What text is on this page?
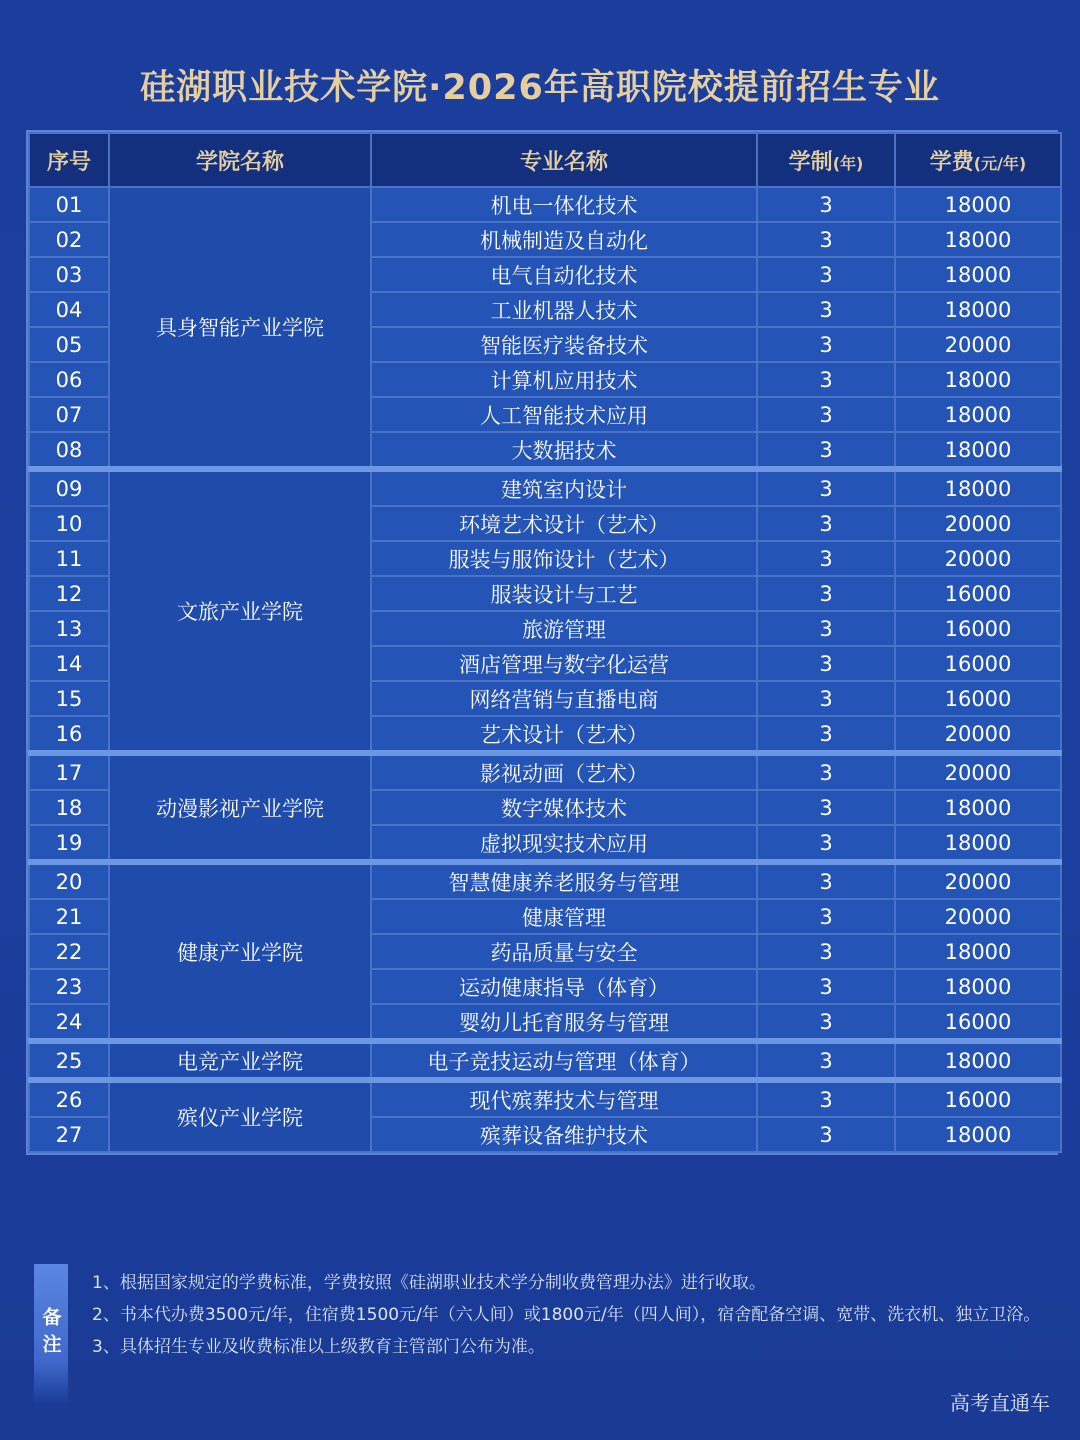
硅湖职业技术学院·2026年高职院校提前招生专业
序号	学院名称	专业名称	学制(年)	学费(元/年)
01	具身智能产业学院	机电一体化技术	3	18000
02		机械制造及自动化	3	18000
03		电气自动化技术	3	18000
04		工业机器人技术	3	18000
05		智能医疗装备技术	3	20000
06		计算机应用技术	3	18000
07		人工智能技术应用	3	18000
08		大数据技术	3	18000
09	文旅产业学院	建筑室内设计	3	18000
10		环境艺术设计（艺术）	3	20000
11		服装与服饰设计（艺术）	3	20000
12		服装设计与工艺	3	16000
13		旅游管理	3	16000
14		酒店管理与数字化运营	3	16000
15		网络营销与直播电商	3	16000
16		艺术设计（艺术）	3	20000
17	动漫影视产业学院	影视动画（艺术）	3	20000
18		数字媒体技术	3	18000
19		虚拟现实技术应用	3	18000
20	健康产业学院	智慧健康养老服务与管理	3	20000
21		健康管理	3	20000
22		药品质量与安全	3	18000
23		运动健康指导（体育）	3	18000
24		婴幼儿托育服务与管理	3	16000
25	电竞产业学院	电子竞技运动与管理（体育）	3	18000
26	殡仪产业学院	现代殡葬技术与管理	3	16000
27		殡葬设备维护技术	3	18000
备注

1、根据国家规定的学费标准，学费按照《硅湖职业技术学分制收费管理办法》进行收取。

2、书本代办费3500元/年，住宿费1500元/年（六人间）或1800元/年（四人间），宿舍配备空调、宽带、洗衣机、独立卫浴。

3、具体招生专业及收费标准以上级教育主管部门公布为准。

高考直通车
